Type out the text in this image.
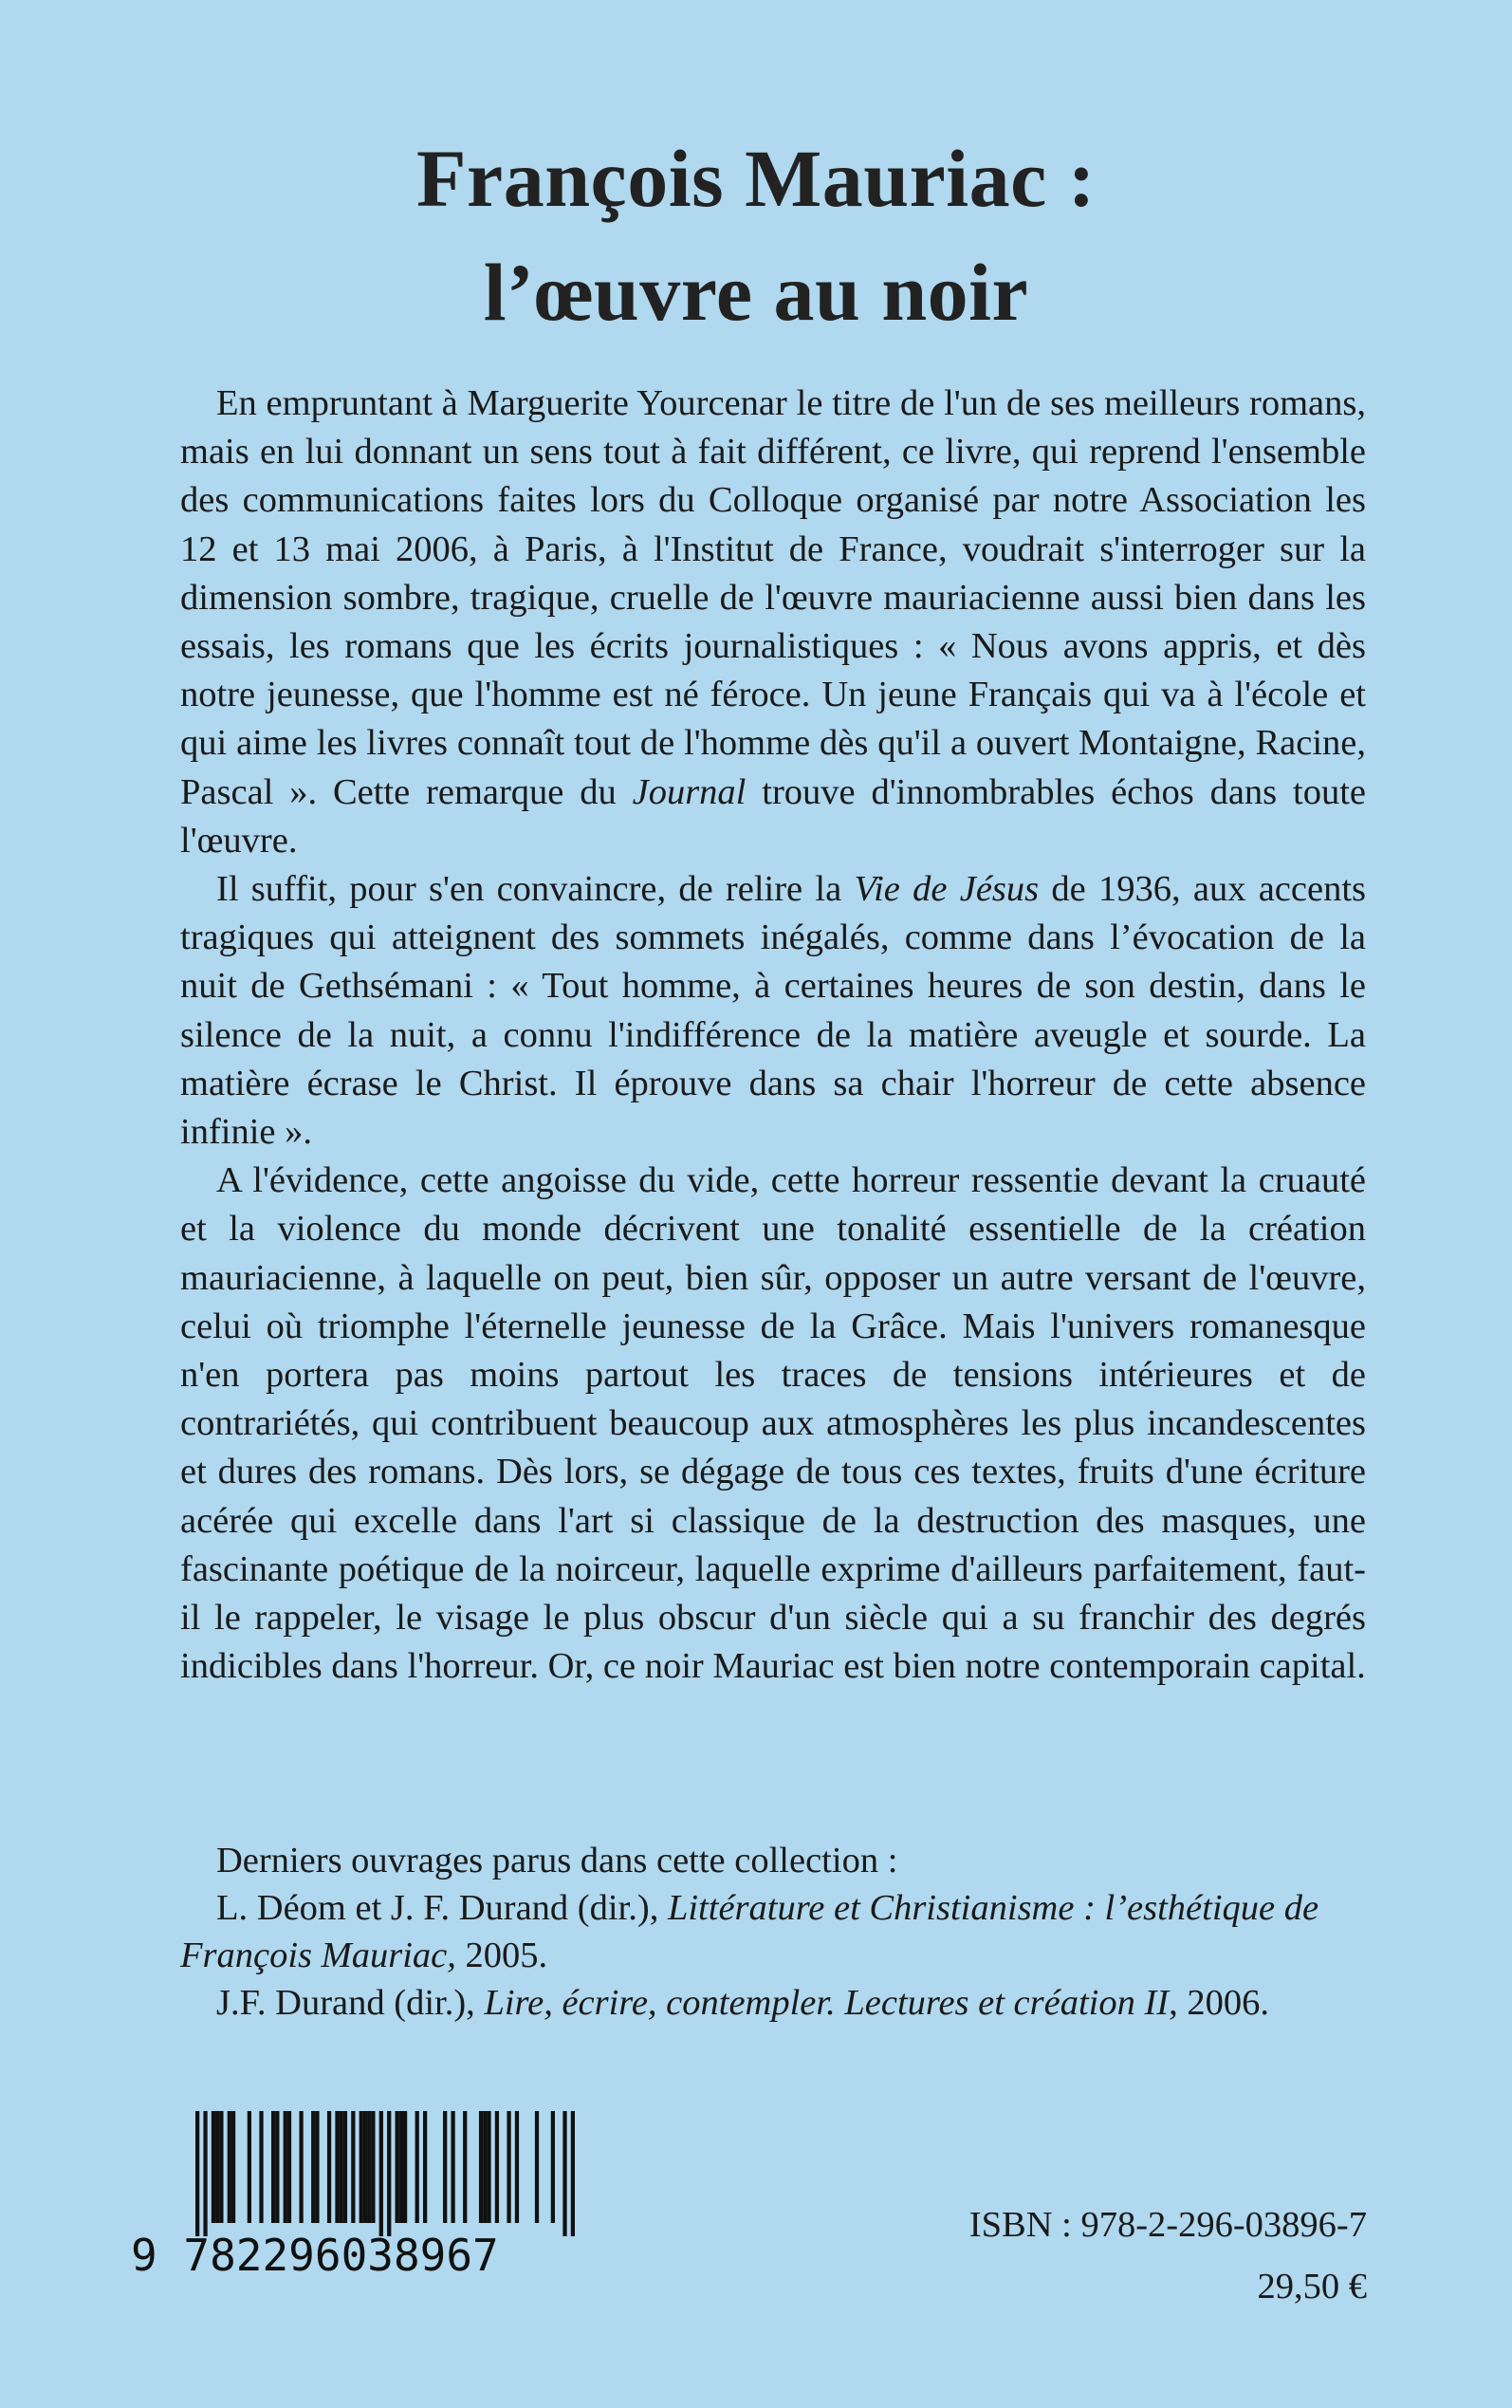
François Mauriac :
l’œuvre au noir

En empruntant à Marguerite Yourcenar le titre de l'un de ses meilleurs romans, mais en lui donnant un sens tout à fait différent, ce livre, qui reprend l'ensemble des communications faites lors du Colloque organisé par notre Association les 12 et 13 mai 2006, à Paris, à l'Institut de France, voudrait s'interroger sur la dimension sombre, tragique, cruelle de l'œuvre mauriacienne aussi bien dans les essais, les romans que les écrits journalistiques : « Nous avons appris, et dès notre jeunesse, que l'homme est né féroce. Un jeune Français qui va à l'école et qui aime les livres connaît tout de l'homme dès qu'il a ouvert Montaigne, Racine, Pascal ». Cette remarque du Journal trouve d'innombrables échos dans toute l'œuvre.

Il suffit, pour s'en convaincre, de relire la Vie de Jésus de 1936, aux accents tragiques qui atteignent des sommets inégalés, comme dans l’évocation de la nuit de Gethsémani : « Tout homme, à certaines heures de son destin, dans le silence de la nuit, a connu l'indifférence de la matière aveugle et sourde. La matière écrase le Christ. Il éprouve dans sa chair l'horreur de cette absence infinie ».

A l'évidence, cette angoisse du vide, cette horreur ressentie devant la cruauté et la violence du monde décrivent une tonalité essentielle de la création mauriacienne, à laquelle on peut, bien sûr, opposer un autre versant de l'œuvre, celui où triomphe l'éternelle jeunesse de la Grâce. Mais l'univers romanesque n'en portera pas moins partout les traces de tensions intérieures et de contrariétés, qui contribuent beaucoup aux atmosphères les plus incandescentes et dures des romans. Dès lors, se dégage de tous ces textes, fruits d'une écriture acérée qui excelle dans l'art si classique de la destruction des masques, une fascinante poétique de la noirceur, laquelle exprime d'ailleurs parfaitement, faut-il le rappeler, le visage le plus obscur d'un siècle qui a su franchir des degrés indicibles dans l'horreur. Or, ce noir Mauriac est bien notre contemporain capital.

Derniers ouvrages parus dans cette collection :
L. Déom et J. F. Durand (dir.), Littérature et Christianisme : l’esthétique de François Mauriac, 2005.
J.F. Durand (dir.), Lire, écrire, contempler. Lectures et création II, 2006.
9 782296038967
ISBN : 978-2-296-03896-7
29,50 €
